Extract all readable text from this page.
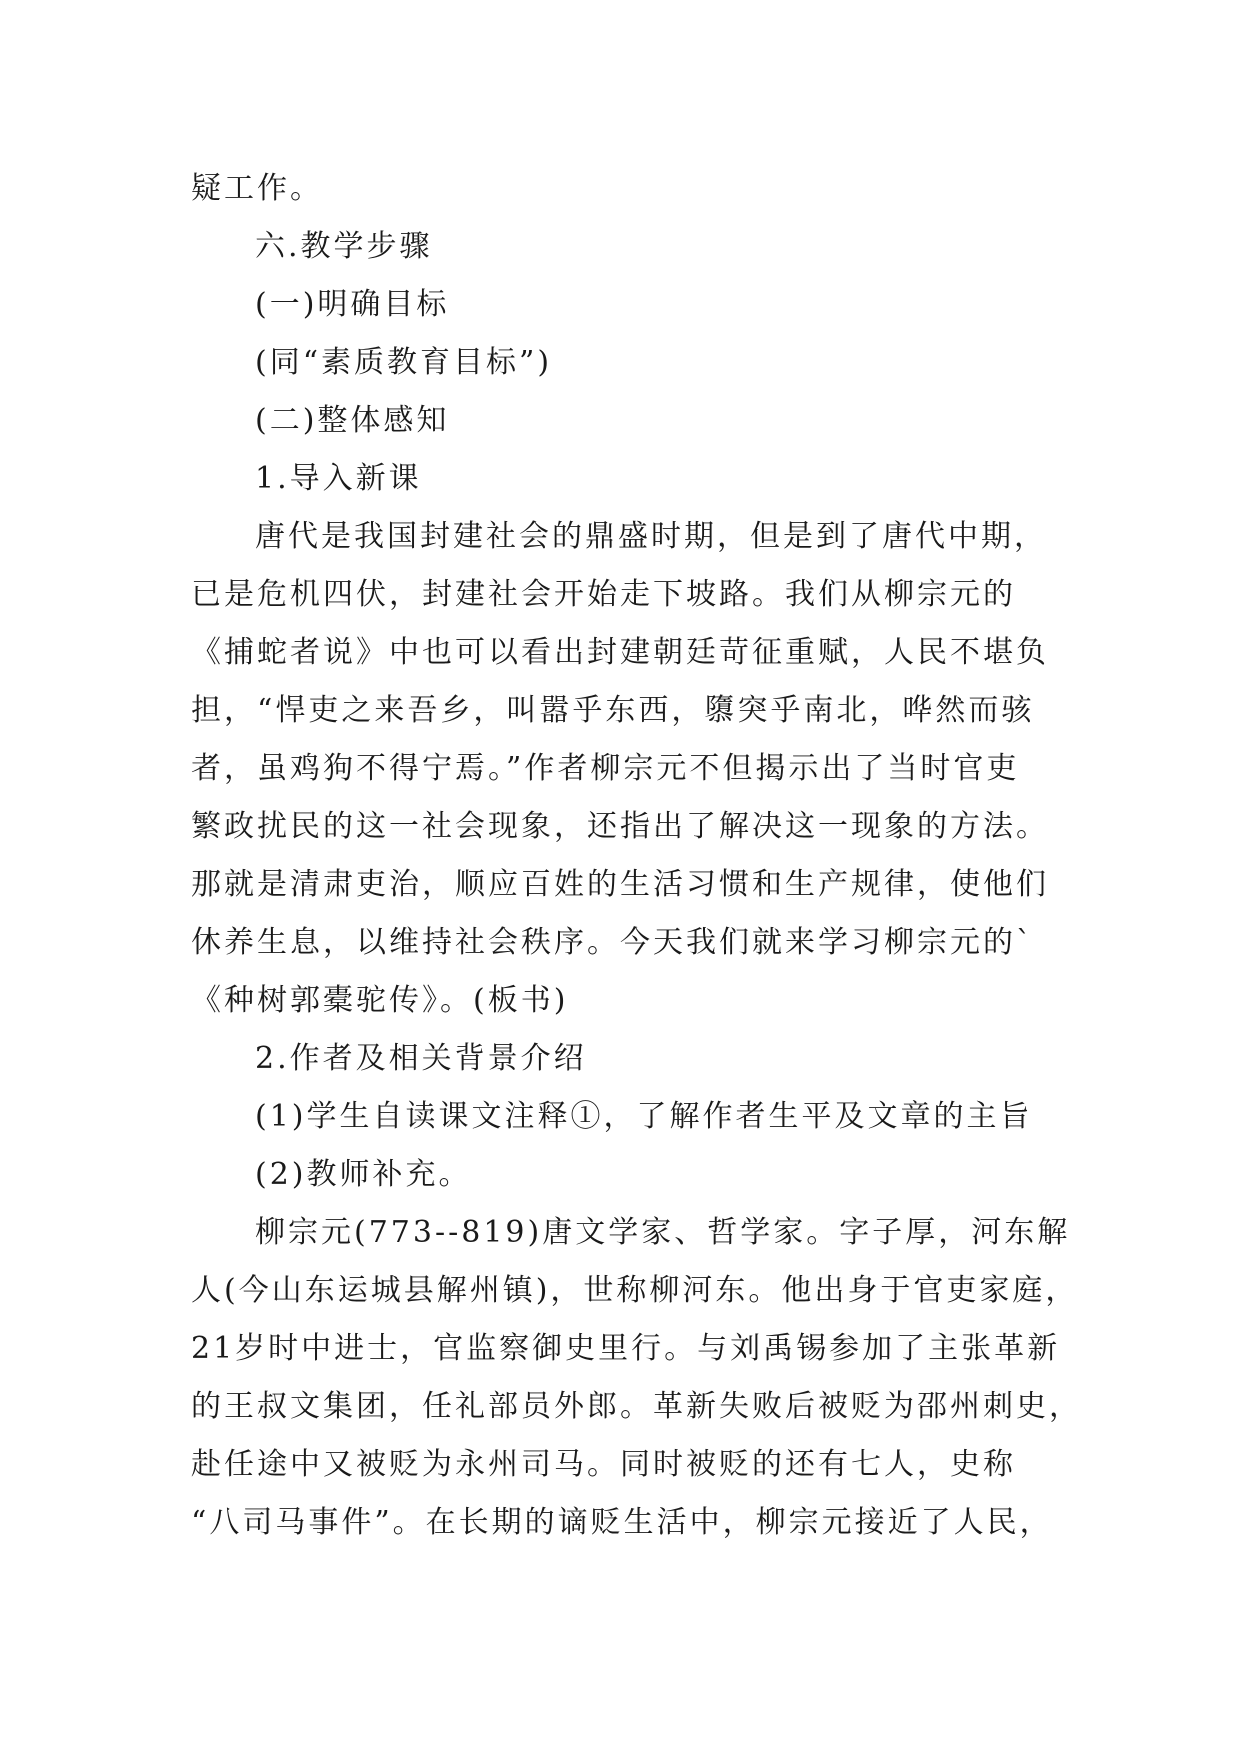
疑工作。
六.教学步骤
(一)明确目标
(同“素质教育目标”)
(二)整体感知
1.导入新课
唐代是我国封建社会的鼎盛时期，但是到了唐代中期，
已是危机四伏，封建社会开始走下坡路。我们从柳宗元的
《捕蛇者说》中也可以看出封建朝廷苛征重赋，人民不堪负
担，“悍吏之来吾乡，叫嚣乎东西，隳突乎南北，哗然而骇
者，虽鸡狗不得宁焉。”作者柳宗元不但揭示出了当时官吏
繁政扰民的这一社会现象，还指出了解决这一现象的方法。
那就是清肃吏治，顺应百姓的生活习惯和生产规律，使他们
休养生息，以维持社会秩序。今天我们就来学习柳宗元的`
《种树郭橐驼传》。(板书)
2.作者及相关背景介绍
(1)学生自读课文注释①，了解作者生平及文章的主旨
(2)教师补充。
柳宗元(773--819)唐文学家、哲学家。字子厚，河东解
人(今山东运城县解州镇)，世称柳河东。他出身于官吏家庭，
21岁时中进士，官监察御史里行。与刘禹锡参加了主张革新
的王叔文集团，任礼部员外郎。革新失败后被贬为邵州刺史，
赴任途中又被贬为永州司马。同时被贬的还有七人，史称
“八司马事件”。在长期的谪贬生活中，柳宗元接近了人民，
